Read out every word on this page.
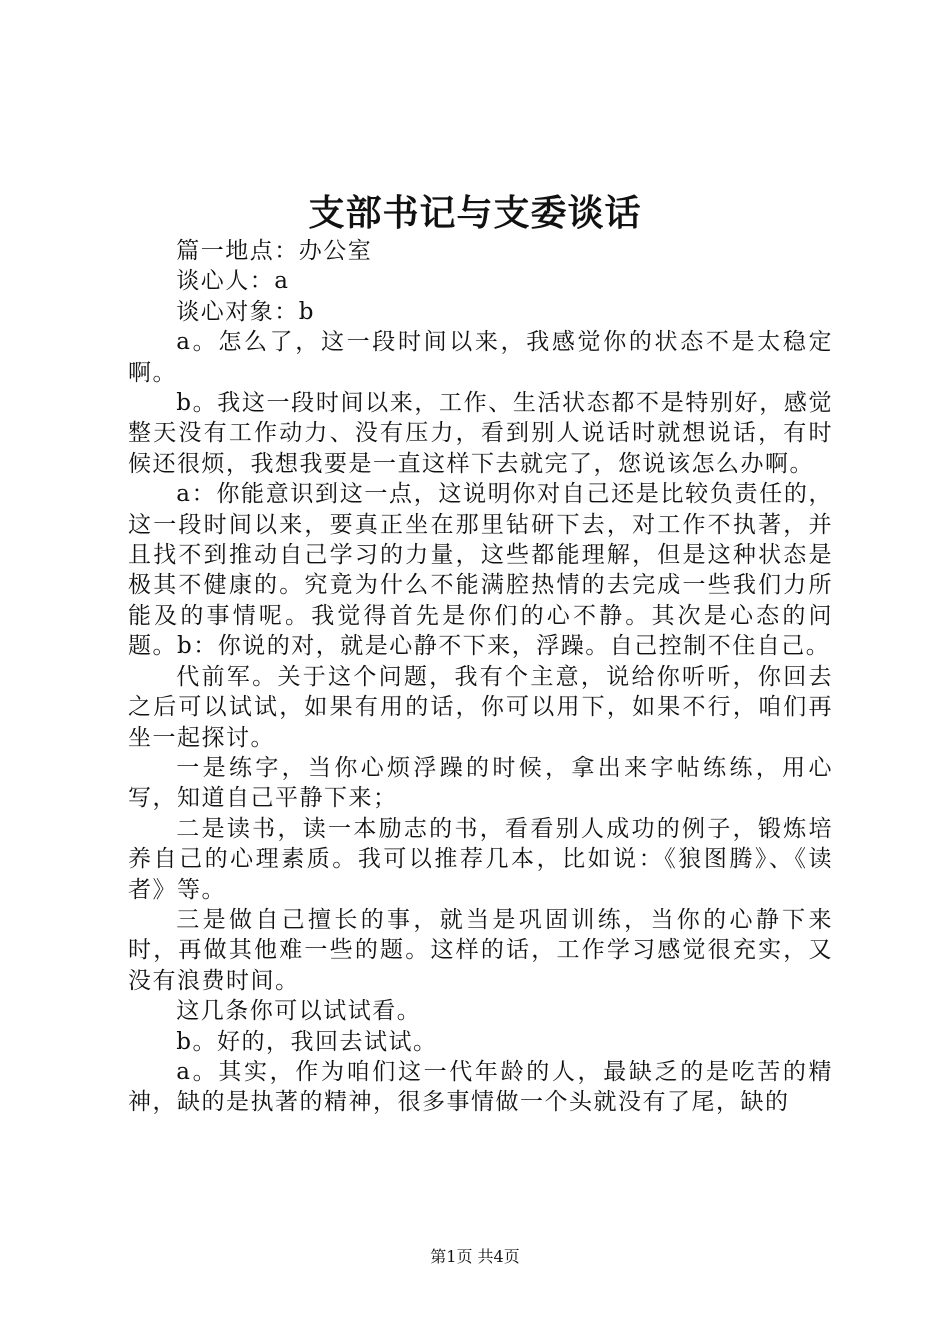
支部书记与支委谈话

篇一地点：办公室

谈心人：a

谈心对象：b

a。怎么了，这一段时间以来，我感觉你的状态不是太稳定啊。

b。我这一段时间以来，工作、生活状态都不是特别好，感觉整天没有工作动力、没有压力，看到别人说话时就想说话，有时候还很烦，我想我要是一直这样下去就完了，您说该怎么办啊。

a：你能意识到这一点，这说明你对自己还是比较负责任的，这一段时间以来，要真正坐在那里钻研下去，对工作不执著，并且找不到推动自己学习的力量，这些都能理解，但是这种状态是极其不健康的。究竟为什么不能满腔热情的去完成一些我们力所能及的事情呢。我觉得首先是你们的心不静。其次是心态的问题。b：你说的对，就是心静不下来，浮躁。自己控制不住自己。

代前军。关于这个问题，我有个主意，说给你听听，你回去之后可以试试，如果有用的话，你可以用下，如果不行，咱们再坐一起探讨。

一是练字，当你心烦浮躁的时候，拿出来字帖练练，用心写，知道自己平静下来；

二是读书，读一本励志的书，看看别人成功的例子，锻炼培养自己的心理素质。我可以推荐几本，比如说：《狼图腾》、《读者》等。

三是做自己擅长的事，就当是巩固训练，当你的心静下来时，再做其他难一些的题。这样的话，工作学习感觉很充实，又没有浪费时间。

这几条你可以试试看。

b。好的，我回去试试。

a。其实，作为咱们这一代年龄的人，最缺乏的是吃苦的精神，缺的是执著的精神，很多事情做一个头就没有了尾，缺的

第1页 共4页
